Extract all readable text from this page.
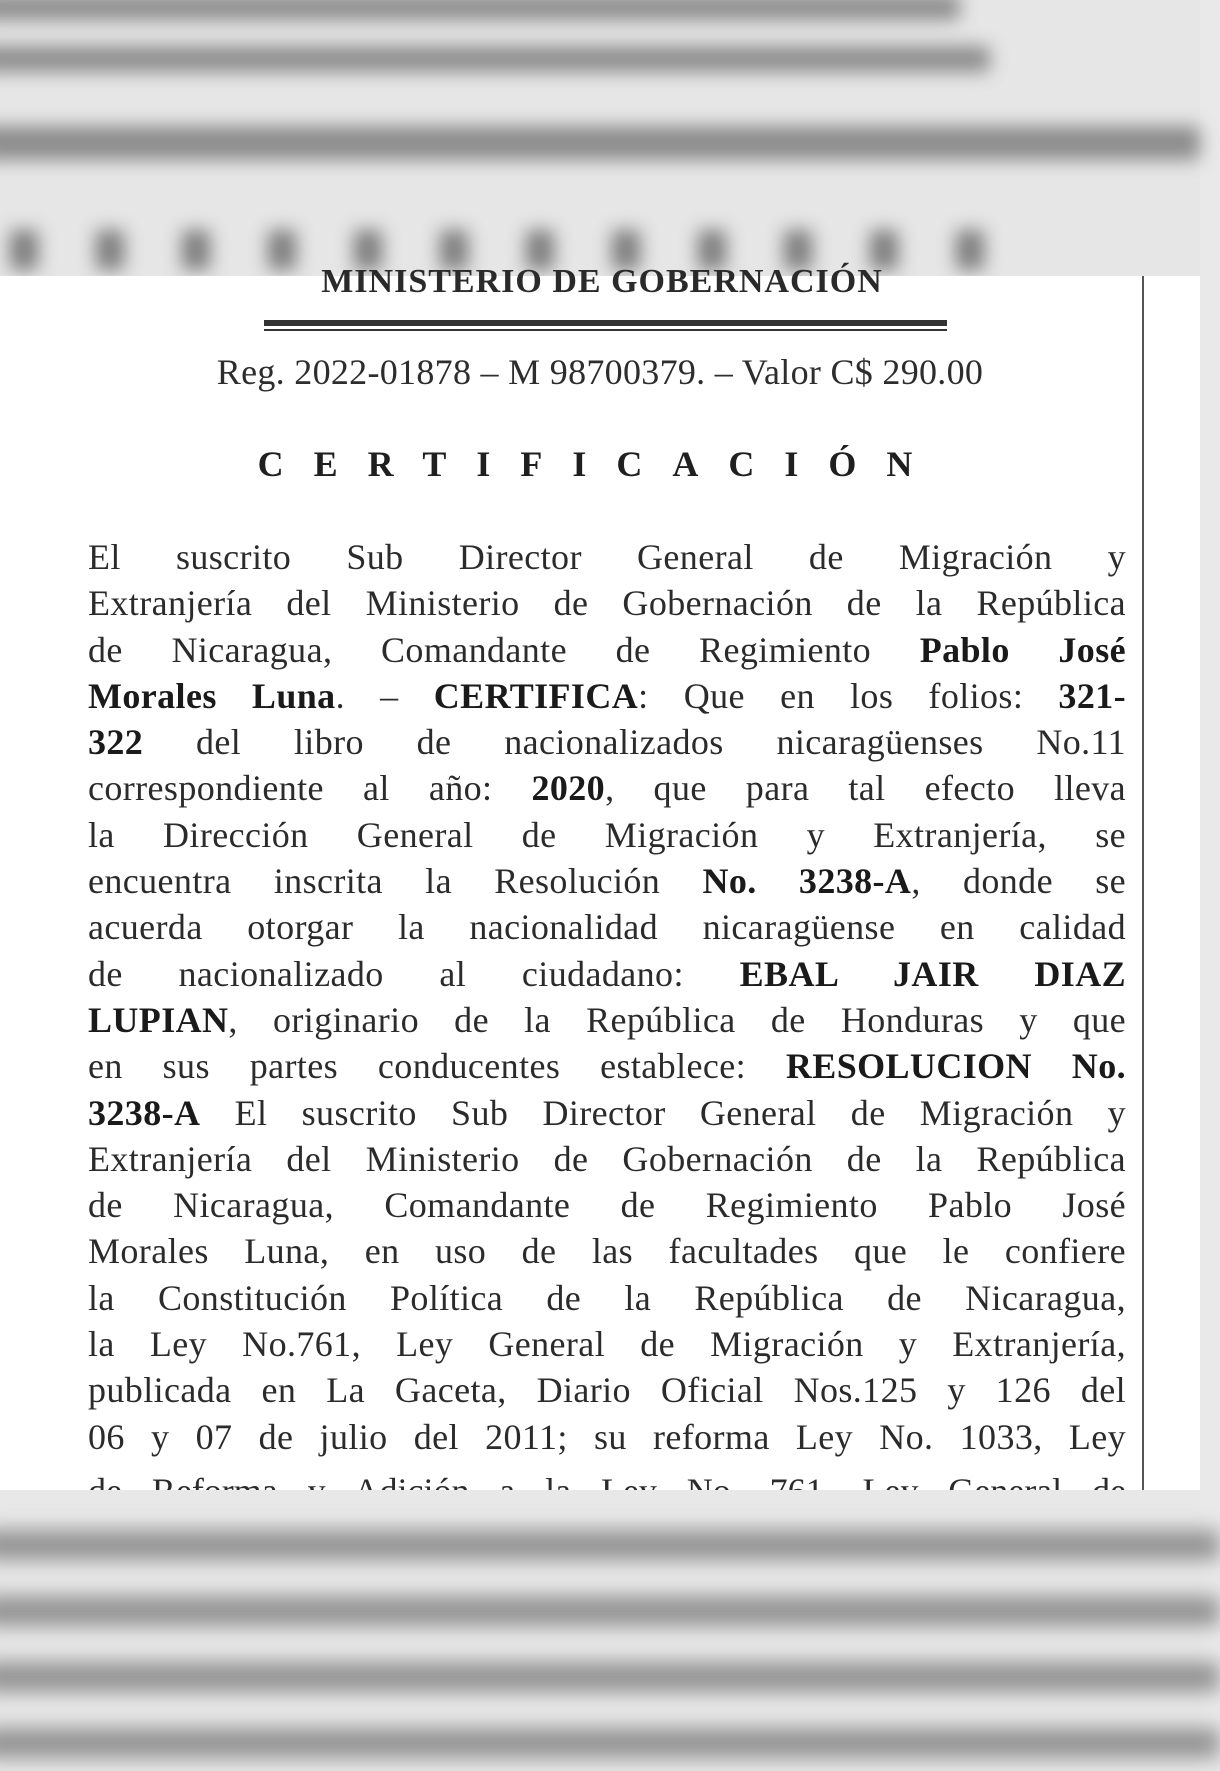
MINISTERIO DE GOBERNACIÓN
Reg. 2022-01878 – M 98700379. – Valor C$ 290.00
CERTIFICACIÓN
El suscrito Sub Director General de Migración y
Extranjería del Ministerio de Gobernación de la República
de Nicaragua, Comandante de Regimiento Pablo José
Morales Luna. – CERTIFICA: Que en los folios: 321-
322 del libro de nacionalizados nicaragüenses No.11
correspondiente al año: 2020, que para tal efecto lleva
la Dirección General de Migración y Extranjería, se
encuentra inscrita la Resolución No. 3238-A, donde se
acuerda otorgar la nacionalidad nicaragüense en calidad
de nacionalizado al ciudadano: EBAL JAIR DIAZ
LUPIAN, originario de la República de Honduras y que
en sus partes conducentes establece: RESOLUCION No.
3238-A El suscrito Sub Director General de Migración y
Extranjería del Ministerio de Gobernación de la República
de Nicaragua, Comandante de Regimiento Pablo José
Morales Luna, en uso de las facultades que le confiere
la Constitución Política de la República de Nicaragua,
la Ley No.761, Ley General de Migración y Extranjería,
publicada en La Gaceta, Diario Oficial Nos.125 y 126 del
06 y 07 de julio del 2011; su reforma Ley No. 1033, Ley
